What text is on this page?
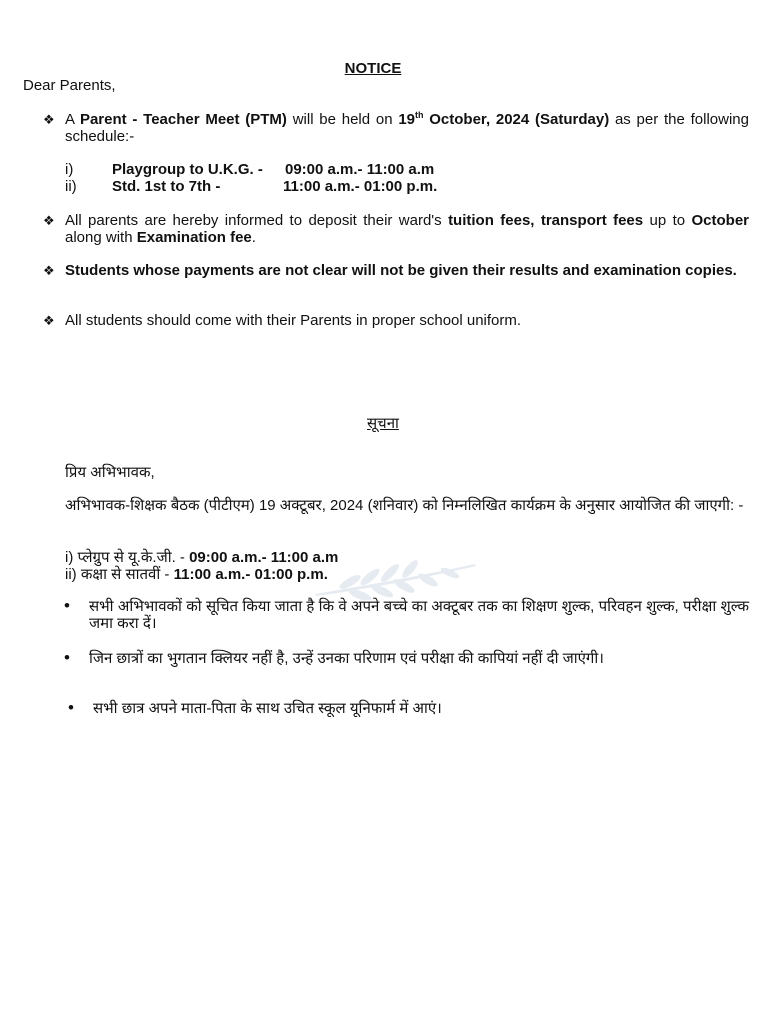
NOTICE
Dear Parents,
❖ A Parent - Teacher Meet (PTM) will be held on 19th October, 2024 (Saturday) as per the following schedule:-
i)	Playgroup to U.K.G. - 09:00 a.m.- 11:00 a.m
ii)	Std. 1st to 7th -	11:00 a.m.- 01:00 p.m.
❖ All parents are hereby informed to deposit their ward's tuition fees, transport fees up to October along with Examination fee.
❖ Students whose payments are not clear will not be given their results and examination copies.
❖ All students should come with their Parents in proper school uniform.
सूचना
प्रिय अभिभावक,
अभिभावक-शिक्षक बैठक (पीटीएम) 19 अक्टूबर, 2024 (शनिवार) को निम्नलिखित कार्यक्रम के अनुसार आयोजित की जाएगी: -
i) प्लेग्रुप से यू.के.जी. - 09:00 a.m.- 11:00 a.m
ii) कक्षा से सातवीं - 11:00 a.m.- 01:00 p.m.
• सभी अभिभावकों को सूचित किया जाता है कि वे अपने बच्चे का अक्टूबर तक का शिक्षण शुल्क, परिवहन शुल्क, परीक्षा शुल्क जमा करा दें।
• जिन छात्रों का भुगतान क्लियर नहीं है, उन्हें उनका परिणाम एवं परीक्षा की कापियां नहीं दी जाएंगी।
• सभी छात्र अपने माता-पिता के साथ उचित स्कूल यूनिफार्म में आएं।
